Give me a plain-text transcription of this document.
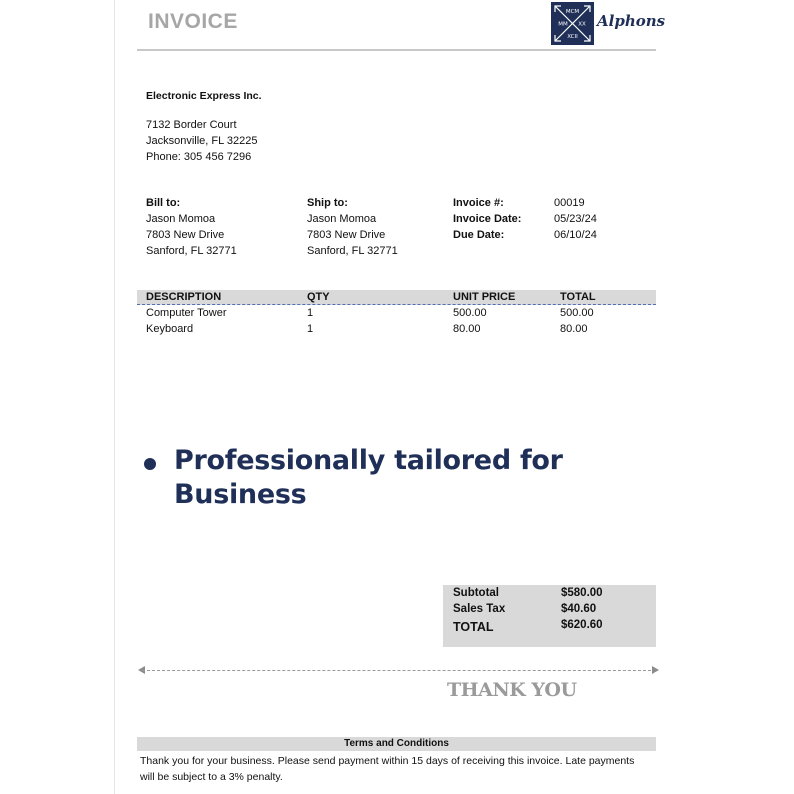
INVOICE	MCM
MM XX
XCII
Alphons
Electronic Express Inc.
7132 Border Court
Jacksonville, FL 32225
Phone: 305 456 7296
Bill to:
Jason Momoa
7803 New Drive
Sanford, FL 32771
Ship to:
Jason Momoa
7803 New Drive
Sanford, FL 32771
Invoice #:	00019
Invoice Date:	05/23/24
Due Date:	06/10/24
DESCRIPTION	QTY	UNIT PRICE	TOTAL
Computer Tower	1	500.00	500.00
Keyboard	1	80.00	80.00
Professionally tailored for Business
Subtotal	$580.00
Sales Tax	$40.60
TOTAL	$620.60
THANK YOU
Terms and Conditions
Thank you for your business. Please send payment within 15 days of receiving this invoice. Late payments will be subject to a 3% penalty.
